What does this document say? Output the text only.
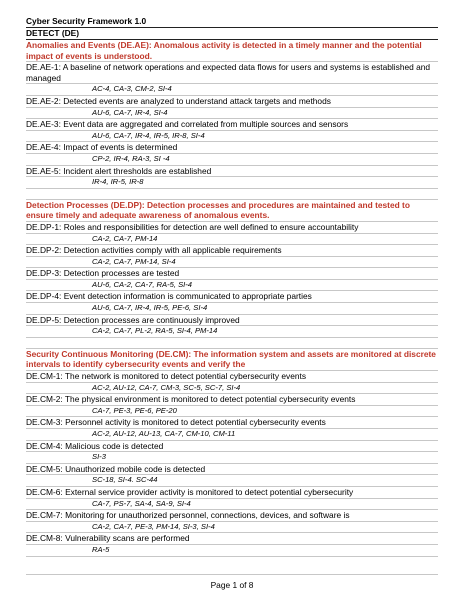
Cyber Security Framework 1.0
DETECT (DE)
Anomalies and Events (DE.AE): Anomalous activity is detected in a timely manner and the potential impact of events is understood.
DE.AE-1: A baseline of network operations and expected data flows for users and systems is established and managed
AC-4, CA-3, CM-2, SI-4
DE.AE-2: Detected events are analyzed to understand attack targets and methods
AU-6, CA-7, IR-4, SI-4
DE.AE-3: Event data are aggregated and correlated from multiple sources and sensors
AU-6, CA-7, IR-4, IR-5, IR-8, SI-4
DE.AE-4: Impact of events is determined
CP-2, IR-4, RA-3, SI -4
DE.AE-5: Incident alert thresholds are established
IR-4, IR-5, IR-8
Detection Processes (DE.DP): Detection processes and procedures are maintained and tested to ensure timely and adequate awareness of anomalous events.
DE.DP-1: Roles and responsibilities for detection are well defined to ensure accountability
CA-2, CA-7, PM-14
DE.DP-2: Detection activities comply with all applicable requirements
CA-2, CA-7, PM-14, SI-4
DE.DP-3: Detection processes are tested
AU-6, CA-2, CA-7, RA-5, SI-4
DE.DP-4: Event detection information is communicated to appropriate parties
AU-6, CA-7, IR-4, IR-5, PE-6, SI-4
DE.DP-5: Detection processes are continuously improved
CA-2, CA-7, PL-2, RA-5, SI-4, PM-14
Security Continuous Monitoring (DE.CM): The information system and assets are monitored at discrete intervals to identify cybersecurity events and verify the
DE.CM-1: The network is monitored to detect potential cybersecurity events
AC-2, AU-12, CA-7, CM-3, SC-5, SC-7, SI-4
DE.CM-2: The physical environment is monitored to detect potential cybersecurity events
CA-7, PE-3, PE-6, PE-20
DE.CM-3: Personnel activity is monitored to detect potential cybersecurity events
AC-2, AU-12, AU-13, CA-7, CM-10, CM-11
DE.CM-4: Malicious code is detected
SI-3
DE.CM-5: Unauthorized mobile code is detected
SC-18, SI-4. SC-44
DE.CM-6: External service provider activity is monitored to detect potential cybersecurity
CA-7, PS-7, SA-4, SA-9, SI-4
DE.CM-7: Monitoring for unauthorized personnel, connections, devices, and software is
CA-2, CA-7, PE-3, PM-14, SI-3, SI-4
DE.CM-8: Vulnerability scans are performed
RA-5
Page 1 of 8
